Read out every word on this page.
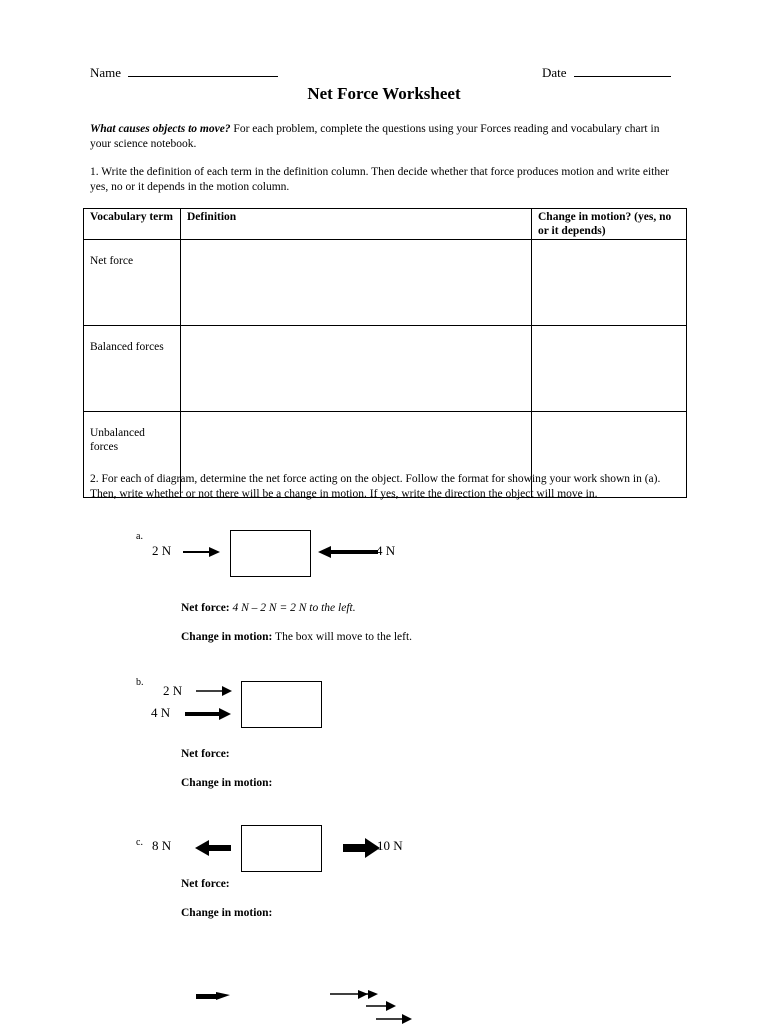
Name	Date
Net Force Worksheet
What causes objects to move? For each problem, complete the questions using your Forces reading and vocabulary chart in your science notebook.
1. Write the definition of each term in the definition column. Then decide whether that force produces motion and write either yes, no or it depends in the motion column.
Vocabulary term	Definition	Change in motion? (yes, no or it depends)
Net force		
Balanced forces		
Unbalanced forces		
2. For each of diagram, determine the net force acting on the object. Follow the format for showing your work shown in (a). Then, write whether or not there will be a change in motion. If yes, write the direction the object will move in.
a.
2 N	4 N
Net force: 4 N – 2 N = 2 N to the left.
Change in motion: The box will move to the left.
b.
2 N
4 N
Net force:
Change in motion:
c. 8 N	10 N
Net force:
Change in motion:
